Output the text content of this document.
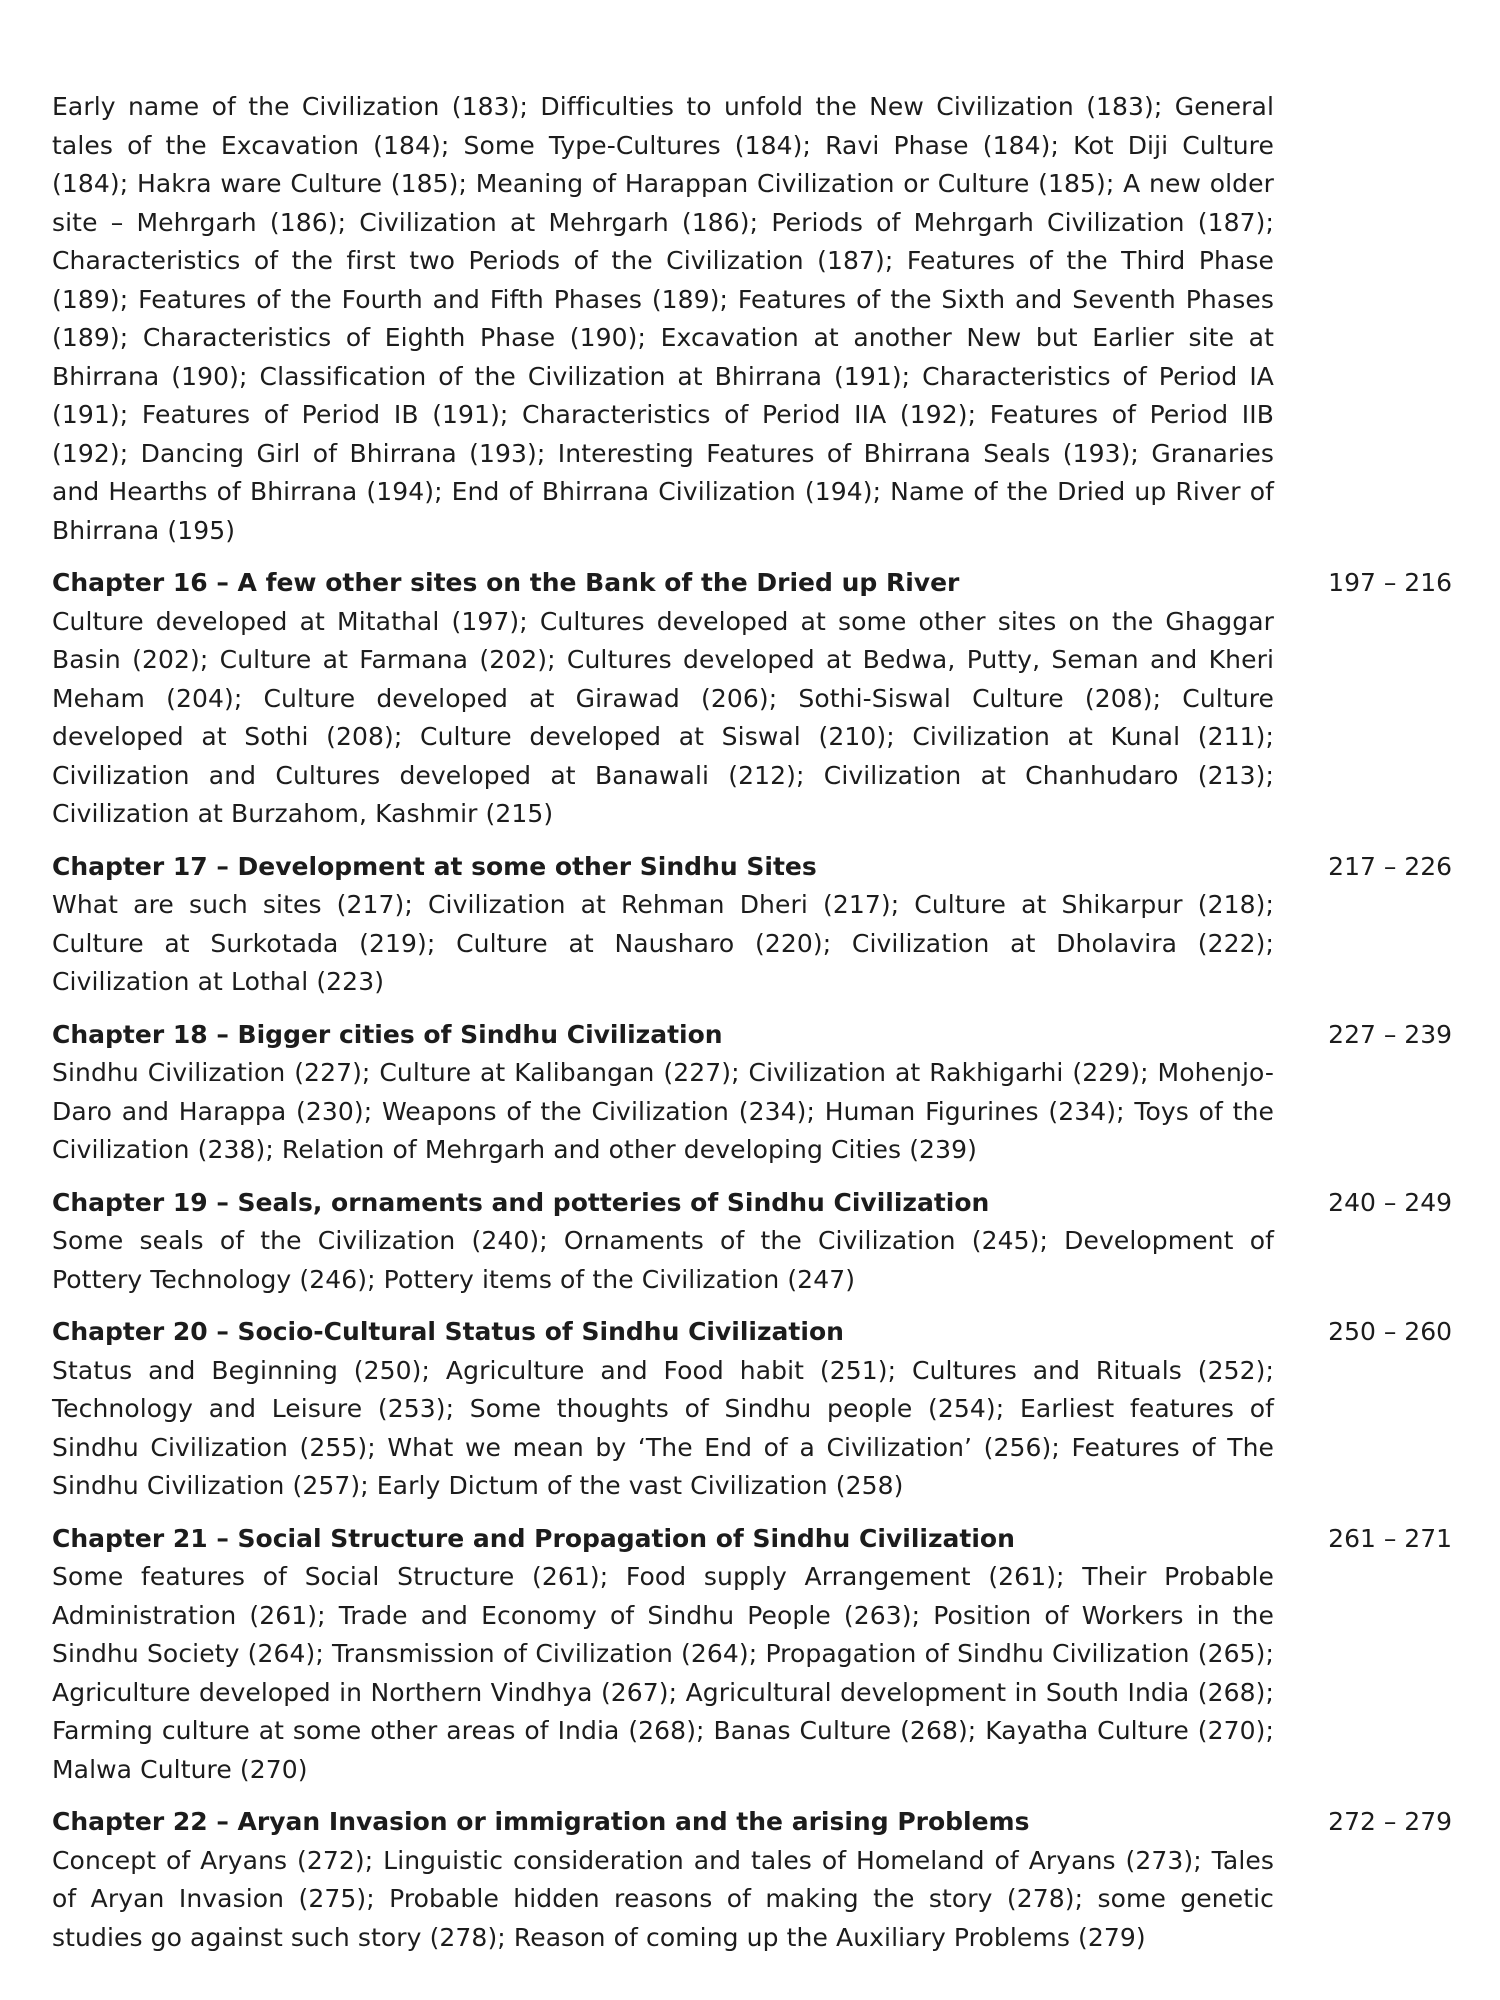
Early name of the Civilization (183); Difficulties to unfold the New Civilization (183); General tales of the Excavation (184); Some Type-Cultures (184); Ravi Phase (184); Kot Diji Culture (184); Hakra ware Culture (185); Meaning of Harappan Civilization or Culture (185); A new older site – Mehrgarh (186); Civilization at Mehrgarh (186); Periods of Mehrgarh Civilization (187); Characteristics of the first two Periods of the Civilization (187); Features of the Third Phase (189); Features of the Fourth and Fifth Phases (189); Features of the Sixth and Seventh Phases (189); Characteristics of Eighth Phase (190); Excavation at another New but Earlier site at Bhirrana (190); Classification of the Civilization at Bhirrana (191); Characteristics of Period IA (191); Features of Period IB (191); Characteristics of Period IIA (192); Features of Period IIB (192); Dancing Girl of Bhirrana (193); Interesting Features of Bhirrana Seals (193); Granaries and Hearths of Bhirrana (194); End of Bhirrana Civilization (194); Name of the Dried up River of Bhirrana (195)

Chapter 16 – A few other sites on the Bank of the Dried up River	197 – 216

Culture developed at Mitathal (197); Cultures developed at some other sites on the Ghaggar Basin (202); Culture at Farmana (202); Cultures developed at Bedwa, Putty, Seman and Kheri Meham (204); Culture developed at Girawad (206); Sothi-Siswal Culture (208); Culture developed at Sothi (208); Culture developed at Siswal (210); Civilization at Kunal (211); Civilization and Cultures developed at Banawali (212); Civilization at Chanhudaro (213); Civilization at Burzahom, Kashmir (215)

Chapter 17 – Development at some other Sindhu Sites	217 – 226

What are such sites (217); Civilization at Rehman Dheri (217); Culture at Shikarpur (218); Culture at Surkotada (219); Culture at Nausharo (220); Civilization at Dholavira (222); Civilization at Lothal (223)

Chapter 18 – Bigger cities of Sindhu Civilization	227 – 239

Sindhu Civilization (227); Culture at Kalibangan (227); Civilization at Rakhigarhi (229); Mohenjo-Daro and Harappa (230); Weapons of the Civilization (234); Human Figurines (234); Toys of the Civilization (238); Relation of Mehrgarh and other developing Cities (239)

Chapter 19 – Seals, ornaments and potteries of Sindhu Civilization	240 – 249

Some seals of the Civilization (240); Ornaments of the Civilization (245); Development of Pottery Technology (246); Pottery items of the Civilization (247)

Chapter 20 – Socio-Cultural Status of Sindhu Civilization	250 – 260

Status and Beginning (250); Agriculture and Food habit (251); Cultures and Rituals (252); Technology and Leisure (253); Some thoughts of Sindhu people (254); Earliest features of Sindhu Civilization (255); What we mean by ‘The End of a Civilization’ (256); Features of The Sindhu Civilization (257); Early Dictum of the vast Civilization (258)

Chapter 21 – Social Structure and Propagation of Sindhu Civilization	261 – 271

Some features of Social Structure (261); Food supply Arrangement (261); Their Probable Administration (261); Trade and Economy of Sindhu People (263); Position of Workers in the Sindhu Society (264); Transmission of Civilization (264); Propagation of Sindhu Civilization (265); Agriculture developed in Northern Vindhya (267); Agricultural development in South India (268); Farming culture at some other areas of India (268); Banas Culture (268); Kayatha Culture (270); Malwa Culture (270)

Chapter 22 – Aryan Invasion or immigration and the arising Problems	272 – 279

Concept of Aryans (272); Linguistic consideration and tales of Homeland of Aryans (273); Tales of Aryan Invasion (275); Probable hidden reasons of making the story (278); some genetic studies go against such story (278); Reason of coming up the Auxiliary Problems (279)
